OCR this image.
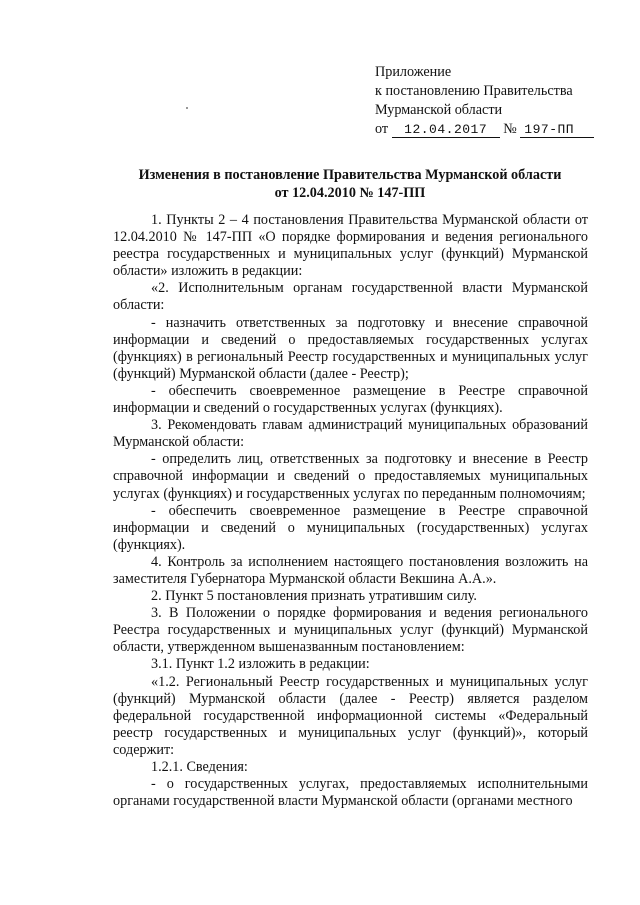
Приложение
к постановлению Правительства
Мурманской области
от 12.04.2017 № 197-ПП
Изменения в постановление Правительства Мурманской области
от 12.04.2010 № 147-ПП

1. Пункты 2 – 4 постановления Правительства Мурманской области от 12.04.2010 № 147-ПП «О порядке формирования и ведения регионального реестра государственных и муниципальных услуг (функций) Мурманской области» изложить в редакции:

«2. Исполнительным органам государственной власти Мурманской области:

- назначить ответственных за подготовку и внесение справочной информации и сведений о предоставляемых государственных услугах (функциях) в региональный Реестр государственных и муниципальных услуг (функций) Мурманской области (далее - Реестр);

- обеспечить своевременное размещение в Реестре справочной информации и сведений о государственных услугах (функциях).

3. Рекомендовать главам администраций муниципальных образований Мурманской области:

- определить лиц, ответственных за подготовку и внесение в Реестр справочной информации и сведений о предоставляемых муниципальных услугах (функциях) и государственных услугах по переданным полномочиям;

- обеспечить своевременное размещение в Реестре справочной информации и сведений о муниципальных (государственных) услугах (функциях).

4. Контроль за исполнением настоящего постановления возложить на заместителя Губернатора Мурманской области Векшина А.А.».

2. Пункт 5 постановления признать утратившим силу.

3. В Положении о порядке формирования и ведения регионального Реестра государственных и муниципальных услуг (функций) Мурманской области, утвержденном вышеназванным постановлением:

3.1. Пункт 1.2 изложить в редакции:

«1.2. Региональный Реестр государственных и муниципальных услуг (функций) Мурманской области (далее - Реестр) является разделом федеральной государственной информационной системы «Федеральный реестр государственных и муниципальных услуг (функций)», который содержит:

1.2.1. Сведения:

- о государственных услугах, предоставляемых исполнительными органами государственной власти Мурманской области (органами местного
